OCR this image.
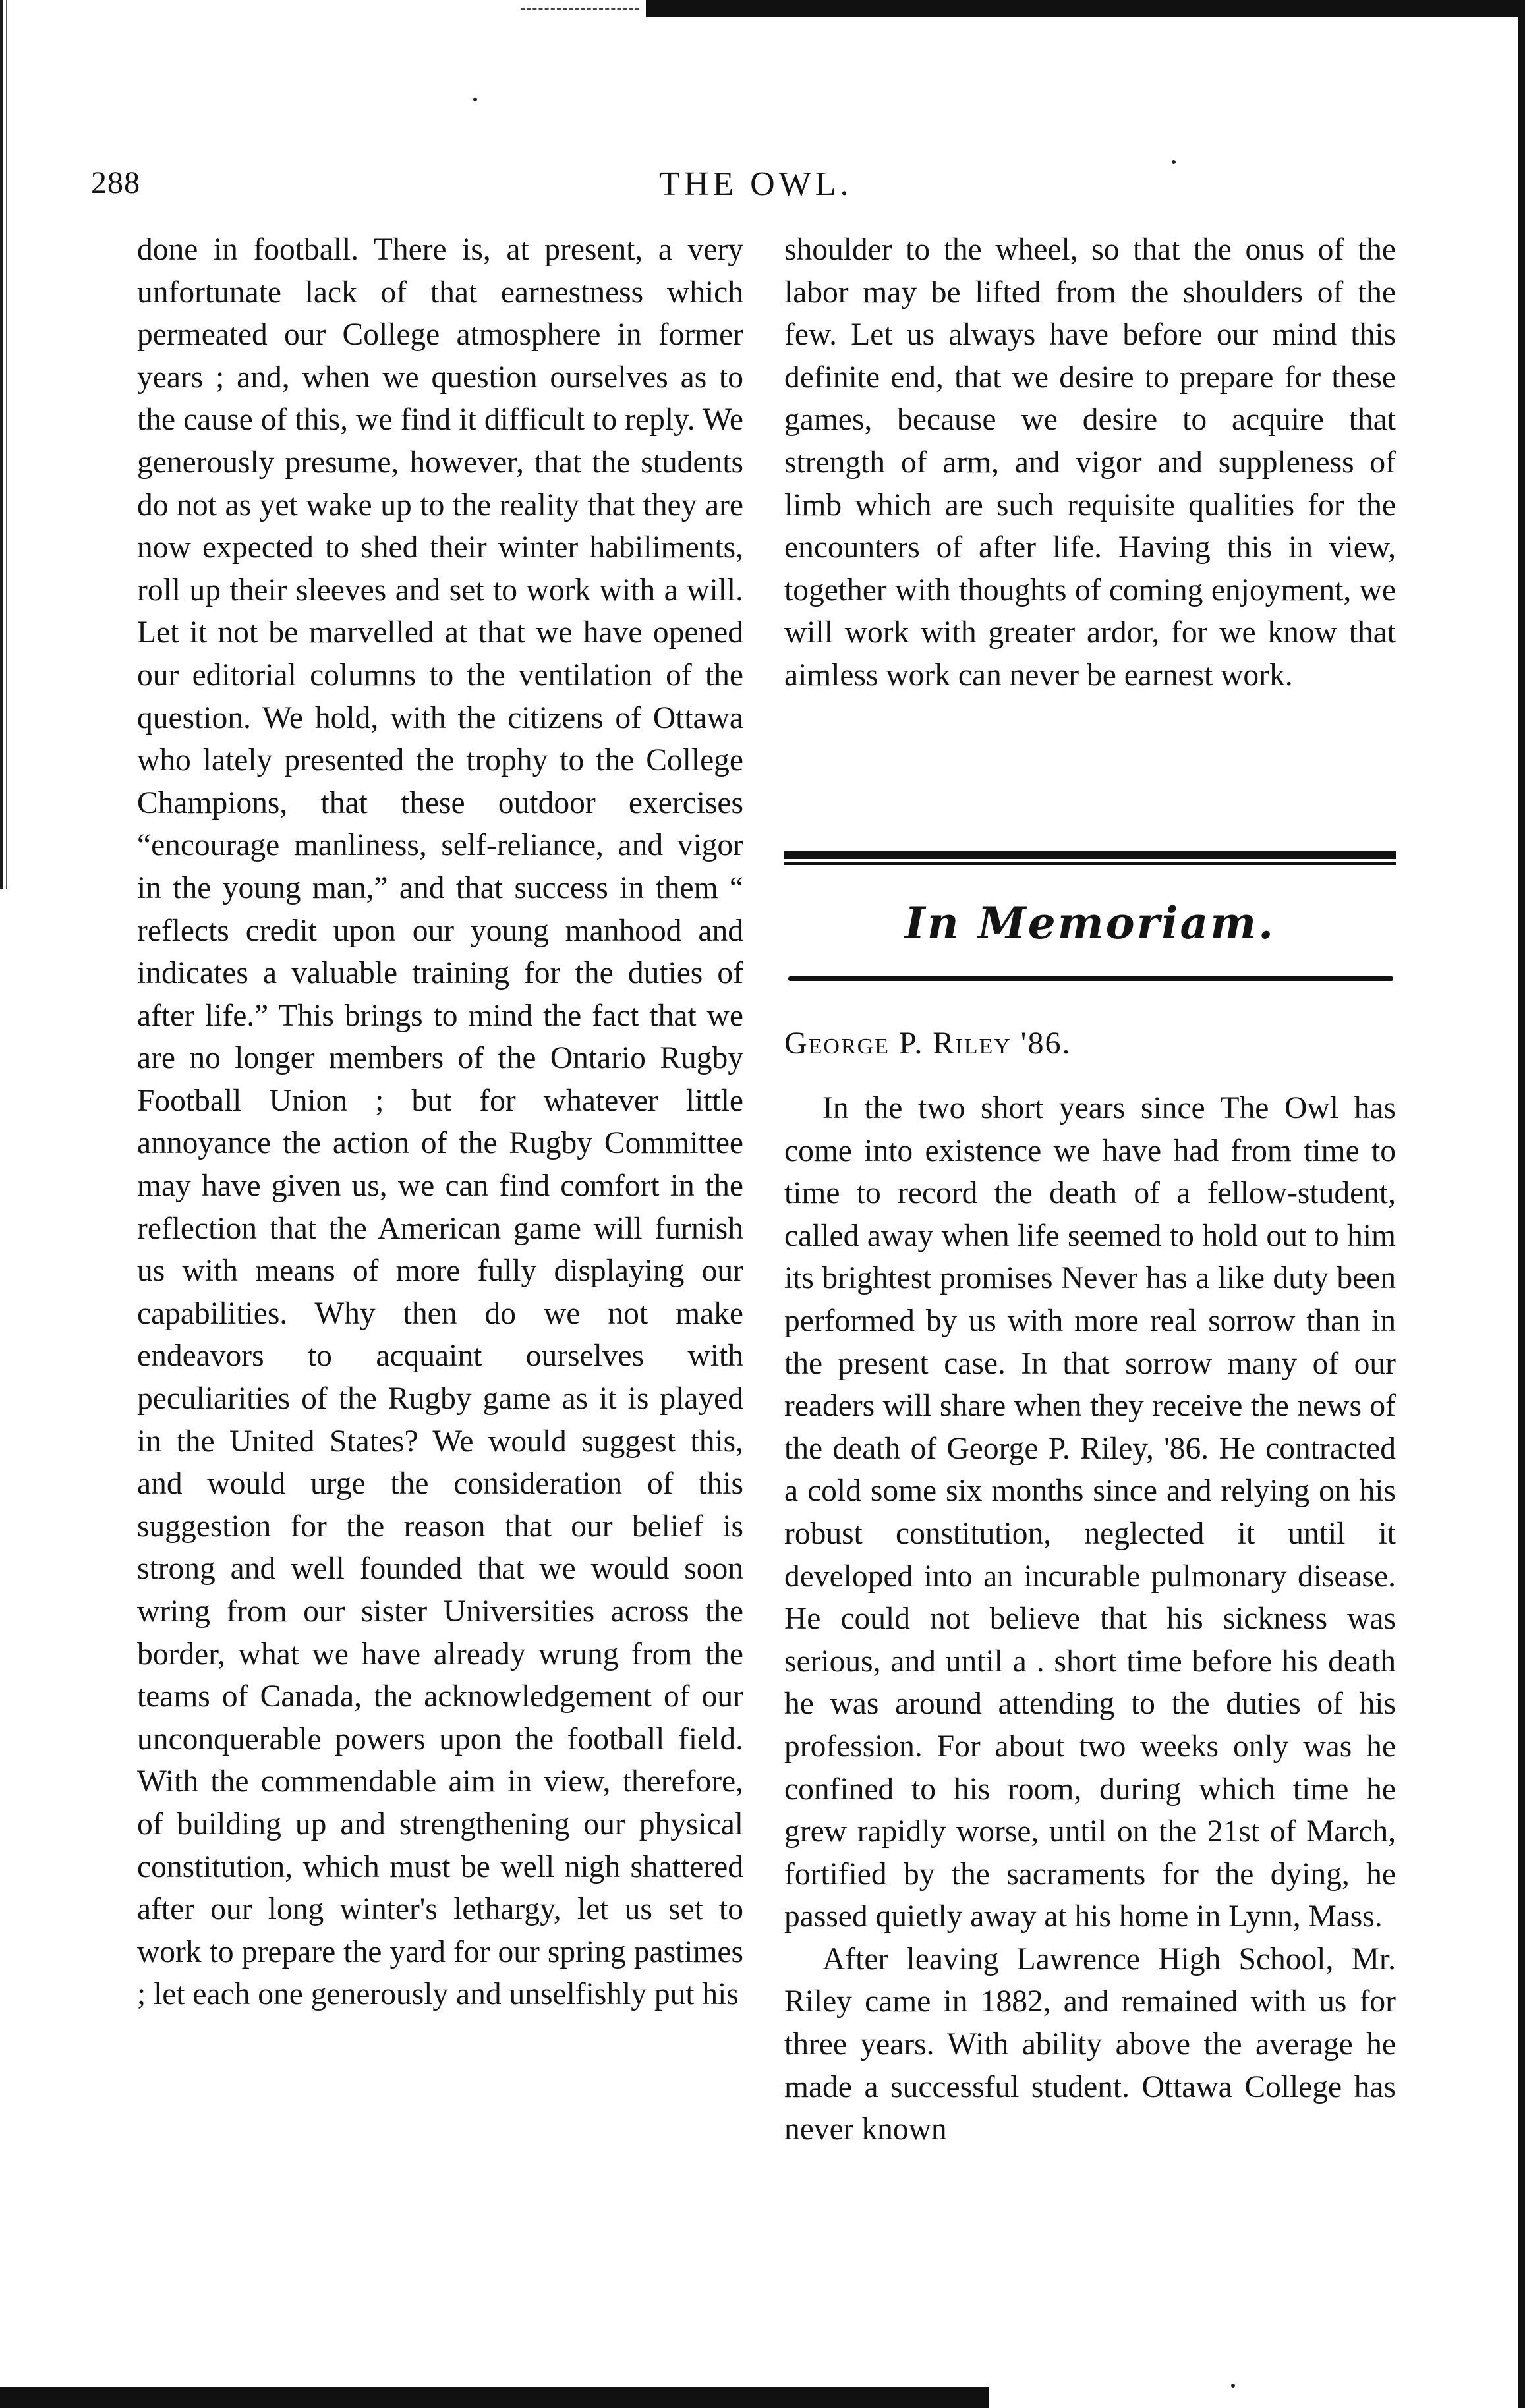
288	THE OWL.

done in football. There is, at present, a very unfortunate lack of that earnestness which permeated our College atmosphere in former years ; and, when we question ourselves as to the cause of this, we find it difficult to reply. We generously presume, however, that the students do not as yet wake up to the reality that they are now expected to shed their winter habiliments, roll up their sleeves and set to work with a will. Let it not be marvelled at that we have opened our editorial columns to the ventilation of the question. We hold, with the citizens of Ottawa who lately presented the trophy to the College Champions, that these outdoor exercises “encourage manliness, self-reliance, and vigor in the young man,” and that success in them “ reflects credit upon our young manhood and indicates a valuable training for the duties of after life.” This brings to mind the fact that we are no longer members of the Ontario Rugby Football Union ; but for whatever little annoyance the action of the Rugby Committee may have given us, we can find comfort in the reflection that the American game will furnish us with means of more fully displaying our capabilities. Why then do we not make endeavors to acquaint ourselves with peculiarities of the Rugby game as it is played in the United States? We would suggest this, and would urge the consideration of this suggestion for the reason that our belief is strong and well founded that we would soon wring from our sister Universities across the border, what we have already wrung from the teams of Canada, the acknowledgement of our unconquerable powers upon the football field. With the commendable aim in view, therefore, of building up and strengthening our physical constitution, which must be well nigh shattered after our long winter's lethargy, let us set to work to prepare the yard for our spring pastimes ; let each one generously and unselfishly put his

shoulder to the wheel, so that the onus of the labor may be lifted from the shoulders of the few. Let us always have before our mind this definite end, that we desire to prepare for these games, because we desire to acquire that strength of arm, and vigor and suppleness of limb which are such requisite qualities for the encounters of after life. Having this in view, together with thoughts of coming enjoyment, we will work with greater ardor, for we know that aimless work can never be earnest work.

In Memoriam.
George P. Riley '86.

In the two short years since The Owl has come into existence we have had from time to time to record the death of a fellow-student, called away when life seemed to hold out to him its brightest promises Never has a like duty been performed by us with more real sorrow than in the present case. In that sorrow many of our readers will share when they receive the news of the death of George P. Riley, '86. He contracted a cold some six months since and relying on his robust constitution, neglected it until it developed into an incurable pulmonary disease. He could not believe that his sickness was serious, and until a . short time before his death he was around attending to the duties of his profession. For about two weeks only was he confined to his room, during which time he grew rapidly worse, until on the 21st of March, fortified by the sacraments for the dying, he passed quietly away at his home in Lynn, Mass.

After leaving Lawrence High School, Mr. Riley came in 1882, and remained with us for three years. With ability above the average he made a successful student. Ottawa College has never known
